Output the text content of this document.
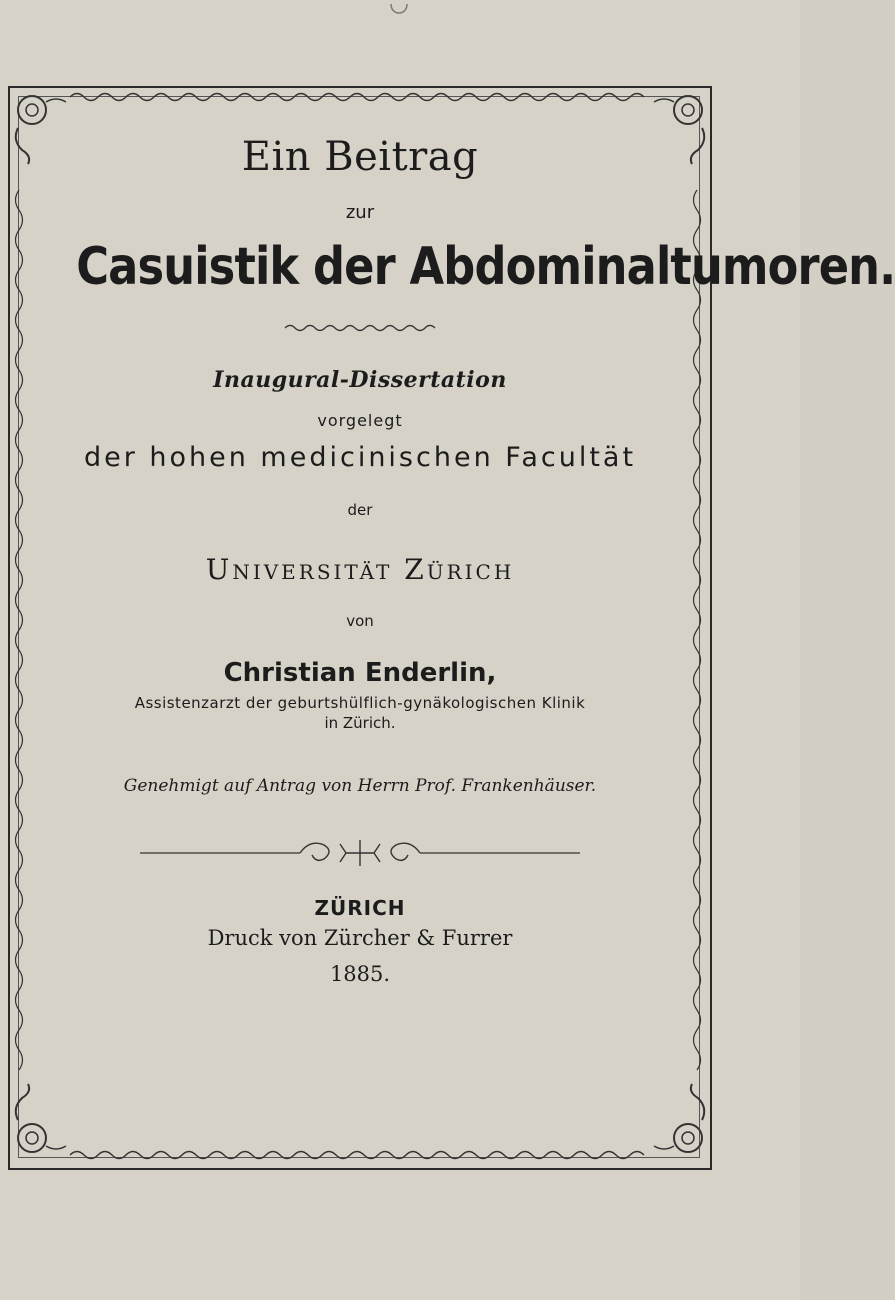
Ein Beitrag
zur
Casuistik der Abdominaltumoren.
Inaugural-Dissertation
vorgelegt
der hohen medicinischen Facultät
der
Universität Zürich
von
Christian Enderlin,
Assistenzarzt der geburtshülflich-gynäkologischen Klinik
in Zürich.
Genehmigt auf Antrag von Herrn Prof. Frankenhäuser.
ZÜRICH
Druck von Zürcher & Furrer
1885.
